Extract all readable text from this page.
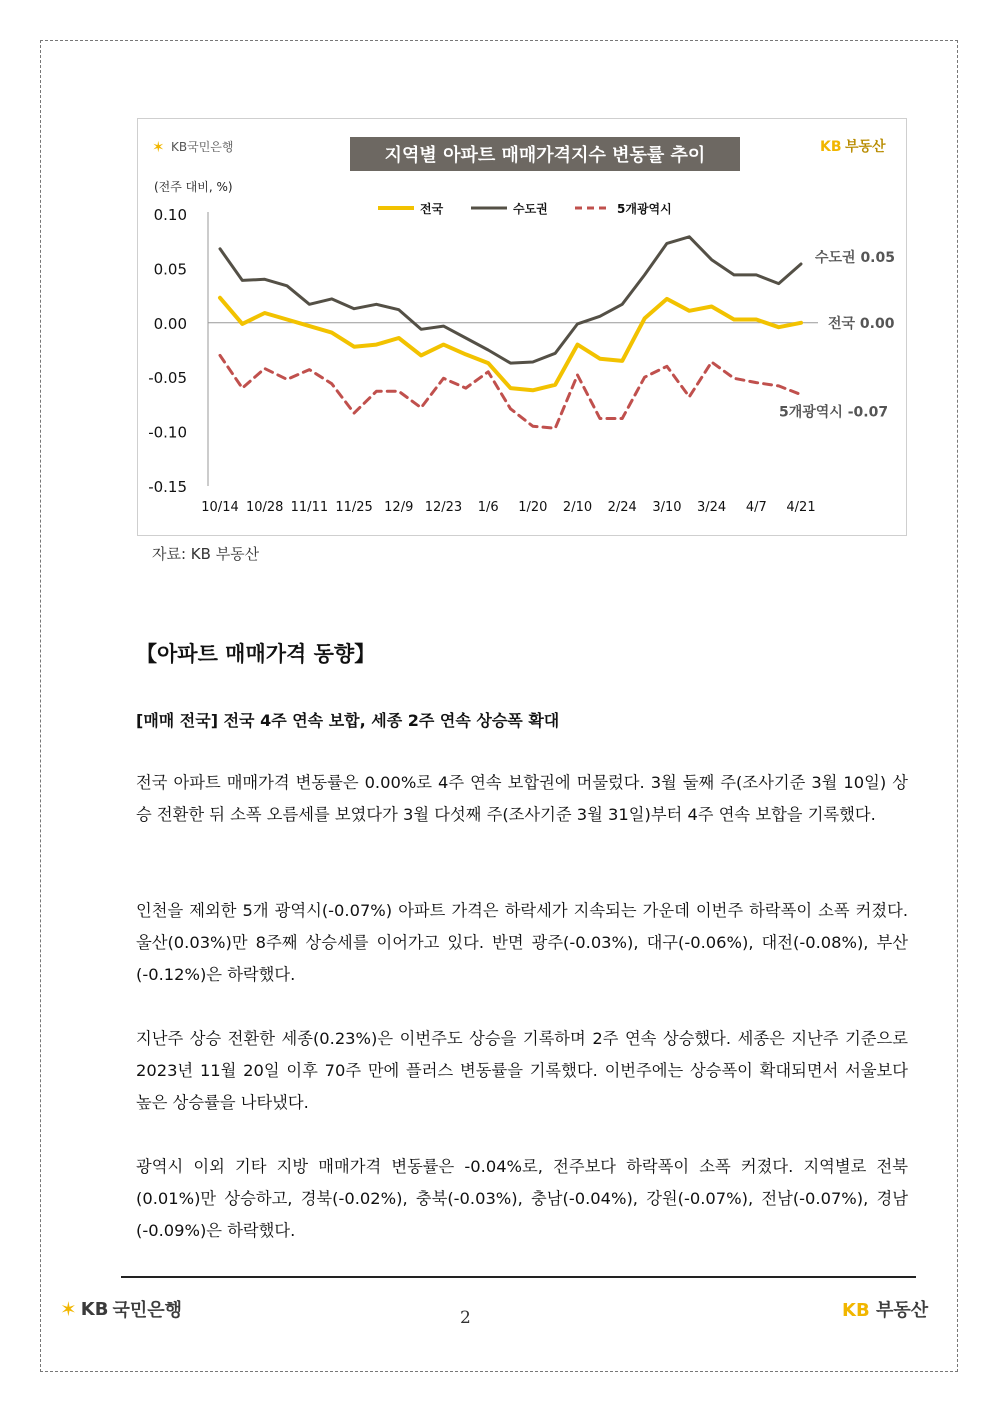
✶ KB국민은행	지역별 아파트 매매가격지수 변동률 추이	KB 부동산
(전주 대비, %)
전국	수도권	5개광역시
0.10
0.05
0.00
-0.05
-0.10
-0.15
10/14 10/28 11/11 11/25 12/9 12/23 1/6 1/20 2/10 2/24 3/10 3/24 4/7 4/21
전국 0.00
수도권 0.05
5개광역시 -0.07
자료: KB 부동산
【아파트 매매가격 동향】
[매매 전국] 전국 4주 연속 보합, 세종 2주 연속 상승폭 확대

전국 아파트 매매가격 변동률은 0.00%로 4주 연속 보합권에 머물렀다. 3월 둘째 주(조사기준 3월 10일) 상승 전환한 뒤 소폭 오름세를 보였다가 3월 다섯째 주(조사기준 3월 31일)부터 4주 연속 보합을 기록했다.

인천을 제외한 5개 광역시(-0.07%) 아파트 가격은 하락세가 지속되는 가운데 이번주 하락폭이 소폭 커졌다. 울산(0.03%)만 8주째 상승세를 이어가고 있다. 반면 광주(-0.03%), 대구(-0.06%), 대전(-0.08%), 부산(-0.12%)은 하락했다.

지난주 상승 전환한 세종(0.23%)은 이번주도 상승을 기록하며 2주 연속 상승했다. 세종은 지난주 기준으로 2023년 11월 20일 이후 70주 만에 플러스 변동률을 기록했다. 이번주에는 상승폭이 확대되면서 서울보다 높은 상승률을 나타냈다.

광역시 이외 기타 지방 매매가격 변동률은 -0.04%로, 전주보다 하락폭이 소폭 커졌다. 지역별로 전북(0.01%)만 상승하고, 경북(-0.02%), 충북(-0.03%), 충남(-0.04%), 강원(-0.07%), 전남(-0.07%), 경남(-0.09%)은 하락했다.

✶ KB 국민은행	2	KB 부동산
